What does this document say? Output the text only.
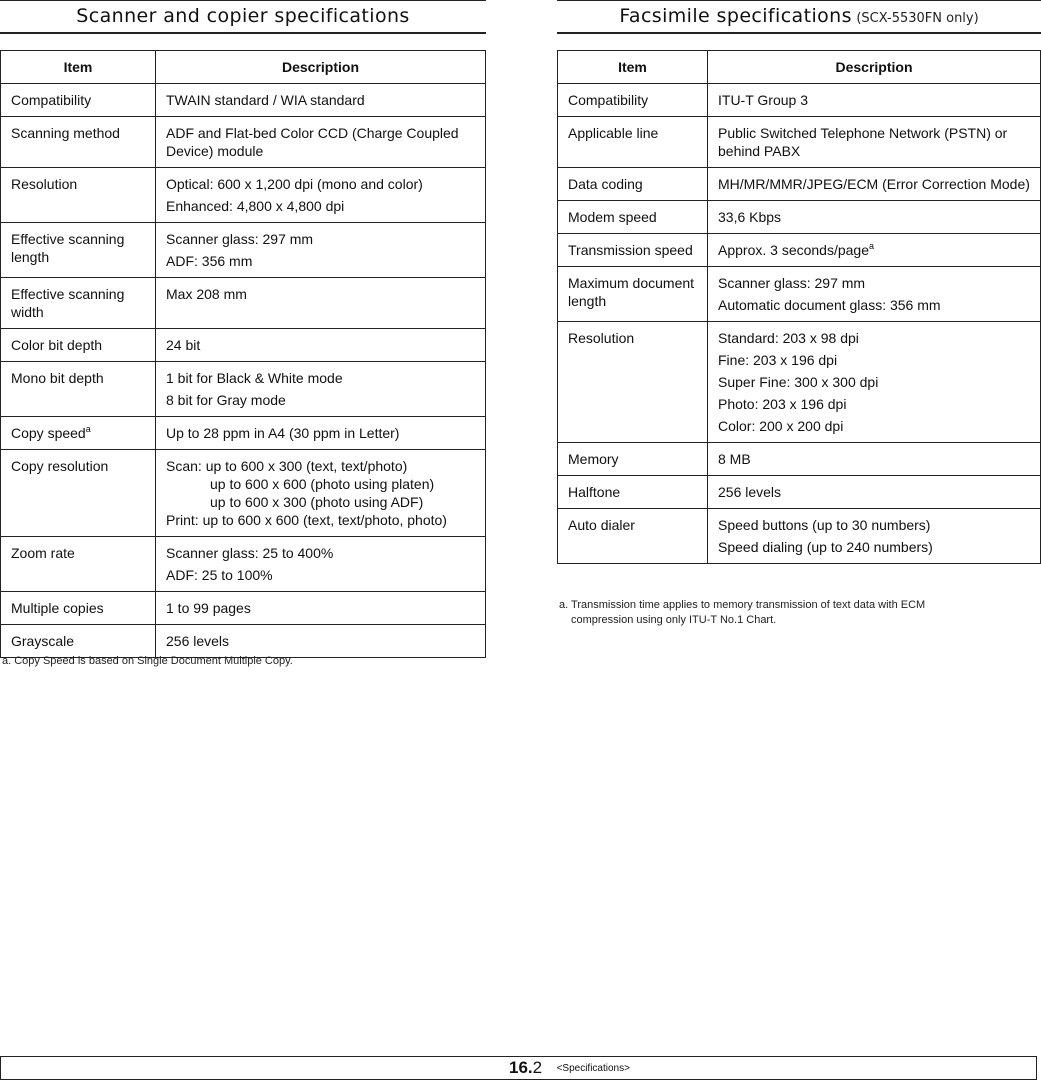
Scanner and copier specifications
Item	Description
Compatibility	TWAIN standard / WIA standard

Scanning method	ADF and Flat-bed Color CCD (Charge Coupled Device) module

Resolution	Optical: 600 x 1,200 dpi (mono and color)
Enhanced: 4,800 x 4,800 dpi

Effective scanning length	Scanner glass: 297 mm
ADF: 356 mm

Effective scanning width	Max 208 mm

Color bit depth	24 bit

Mono bit depth	1 bit for Black & White mode
8 bit for Gray mode

Copy speed$^a$	Up to 28 ppm in A4 (30 ppm in Letter)

Copy resolution	Scan: up to 600 x 300 (text, text/photo)
up to 600 x 600 (photo using platen)
up to 600 x 300 (photo using ADF)
Print: up to 600 x 600 (text, text/photo, photo)

Zoom rate	Scanner glass: 25 to 400%
ADF: 25 to 100%

Multiple copies	1 to 99 pages

Grayscale	256 levels
a. Copy Speed is based on Single Document Multiple Copy.
Facsimile specifications (SCX-5530FN only)
Item	Description
Compatibility	ITU-T Group 3

Applicable line	Public Switched Telephone Network (PSTN) or behind PABX

Data coding	MH/MR/MMR/JPEG/ECM (Error Correction Mode)

Modem speed	33,6 Kbps

Transmission speed	Approx. 3 seconds/page$^a$

Maximum document length	Scanner glass: 297 mm
Automatic document glass: 356 mm

Resolution	Standard: 203 x 98 dpi
Fine: 203 x 196 dpi
Super Fine: 300 x 300 dpi
Photo: 203 x 196 dpi
Color: 200 x 200 dpi

Memory	8 MB

Halftone	256 levels

Auto dialer	Speed buttons (up to 30 numbers)
Speed dialing (up to 240 numbers)
a. Transmission time applies to memory transmission of text data with ECM
compression using only ITU-T No.1 Chart.
16.2 <Specifications>
